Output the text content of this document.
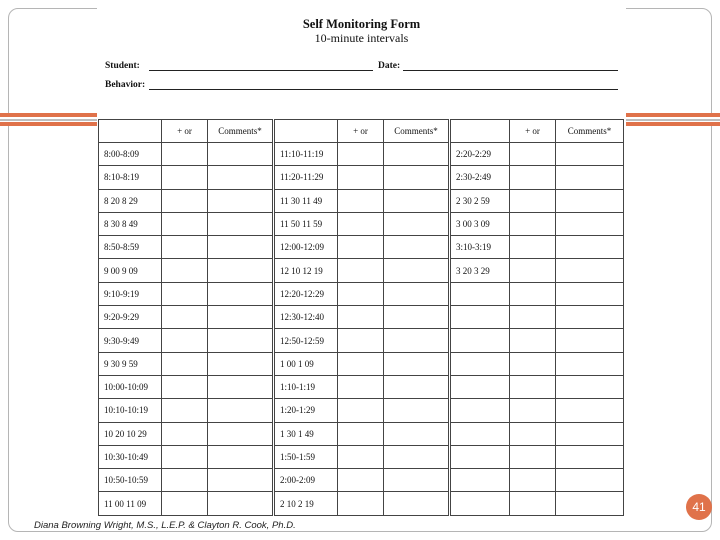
Self Monitoring Form
10-minute intervals
Student:	Date:
Behavior:
	+ or	Comments*		+ or	Comments*		+ or	Comments*
8:00-8:09			11:10-11:19			2:20-2:29		
8:10-8:19			11:20-11:29			2:30-2:49		
8 20 8 29			11 30 11 49			2 30 2 59		
8 30 8 49			11 50 11 59			3 00 3 09		
8:50-8:59			12:00-12:09			3:10-3:19		
9 00 9 09			12 10 12 19			3 20 3 29		
9:10-9:19			12:20-12:29					
9:20-9:29			12:30-12:40					
9:30-9:49			12:50-12:59					
9 30 9 59			1 00 1 09					
10:00-10:09			1:10-1:19					
10:10-10:19			1:20-1:29					
10 20 10 29			1 30 1 49					
10:30-10:49			1:50-1:59					
10:50-10:59			2:00-2:09					
11 00 11 09			2 10 2 19						41
Diana Browning Wright, M.S., L.E.P. & Clayton R. Cook, Ph.D.
